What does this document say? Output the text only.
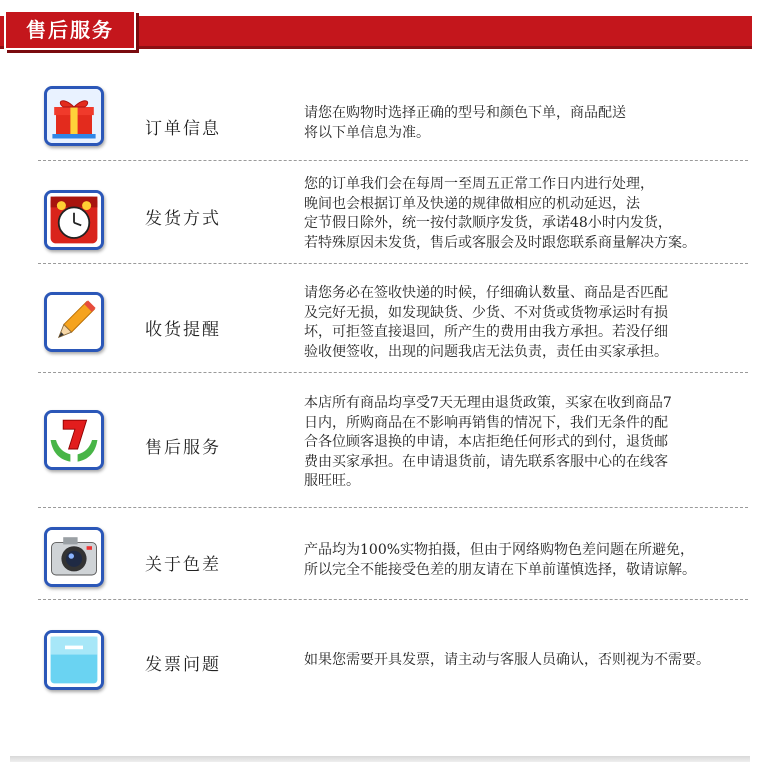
售后服务
订单信息
请您在购物时选择正确的型号和颜色下单，商品配送
将以下单信息为准。
发货方式
您的订单我们会在每周一至周五正常工作日内进行处理，
晚间也会根据订单及快递的规律做相应的机动延迟，法
定节假日除外，统一按付款顺序发货，承诺48小时内发货，
若特殊原因未发货，售后或客服会及时跟您联系商量解决方案。
收货提醒
请您务必在签收快递的时候，仔细确认数量、商品是否匹配
及完好无损，如发现缺货、少货、不对货或货物承运时有损
坏，可拒签直接退回，所产生的费用由我方承担。若没仔细
验收便签收，出现的问题我店无法负责，责任由买家承担。
售后服务
本店所有商品均享受7天无理由退货政策，买家在收到商品7
日内，所购商品在不影响再销售的情况下，我们无条件的配
合各位顾客退换的申请，本店拒绝任何形式的到付，退货邮
费由买家承担。在申请退货前，请先联系客服中心的在线客
服旺旺。
关于色差
产品均为100%实物拍摄，但由于网络购物色差问题在所避免，
所以完全不能接受色差的朋友请在下单前谨慎选择，敬请谅解。
发票问题	如果您需要开具发票，请主动与客服人员确认，否则视为不需要。
